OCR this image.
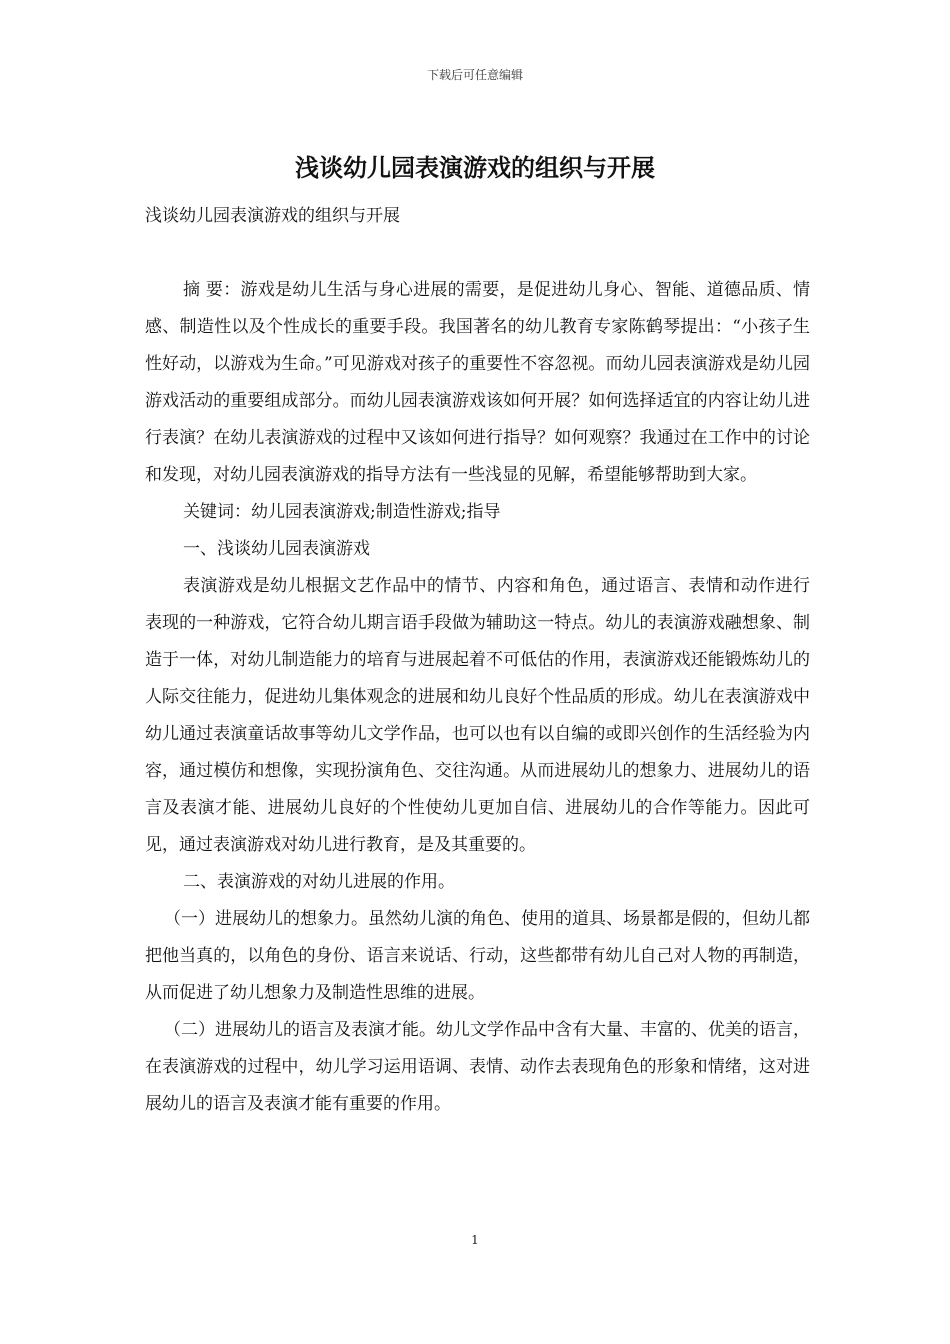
下载后可任意编辑
浅谈幼儿园表演游戏的组织与开展

浅谈幼儿园表演游戏的组织与开展

摘 要：游戏是幼儿生活与身心进展的需要，是促进幼儿身心、智能、道德品质、情感、制造性以及个性成长的重要手段。我国著名的幼儿教育专家陈鹤琴提出：“小孩子生性好动，以游戏为生命。”可见游戏对孩子的重要性不容忽视。而幼儿园表演游戏是幼儿园游戏活动的重要组成部分。而幼儿园表演游戏该如何开展？如何选择适宜的内容让幼儿进行表演？在幼儿表演游戏的过程中又该如何进行指导？如何观察？我通过在工作中的讨论和发现，对幼儿园表演游戏的指导方法有一些浅显的见解，希望能够帮助到大家。

关键词：幼儿园表演游戏;制造性游戏;指导

一、浅谈幼儿园表演游戏

表演游戏是幼儿根据文艺作品中的情节、内容和角色，通过语言、表情和动作进行表现的一种游戏，它符合幼儿期言语手段做为辅助这一特点。幼儿的表演游戏融想象、制造于一体，对幼儿制造能力的培育与进展起着不可低估的作用，表演游戏还能锻炼幼儿的人际交往能力，促进幼儿集体观念的进展和幼儿良好个性品质的形成。幼儿在表演游戏中幼儿通过表演童话故事等幼儿文学作品，也可以也有以自编的或即兴创作的生活经验为内容，通过模仿和想像，实现扮演角色、交往沟通。从而进展幼儿的想象力、进展幼儿的语言及表演才能、进展幼儿良好的个性使幼儿更加自信、进展幼儿的合作等能力。因此可见，通过表演游戏对幼儿进行教育，是及其重要的。

二、表演游戏的对幼儿进展的作用。

（一）进展幼儿的想象力。虽然幼儿演的角色、使用的道具、场景都是假的，但幼儿都把他当真的，以角色的身份、语言来说话、行动，这些都带有幼儿自己对人物的再制造，从而促进了幼儿想象力及制造性思维的进展。

（二）进展幼儿的语言及表演才能。幼儿文学作品中含有大量、丰富的、优美的语言，在表演游戏的过程中，幼儿学习运用语调、表情、动作去表现角色的形象和情绪，这对进展幼儿的语言及表演才能有重要的作用。

1
